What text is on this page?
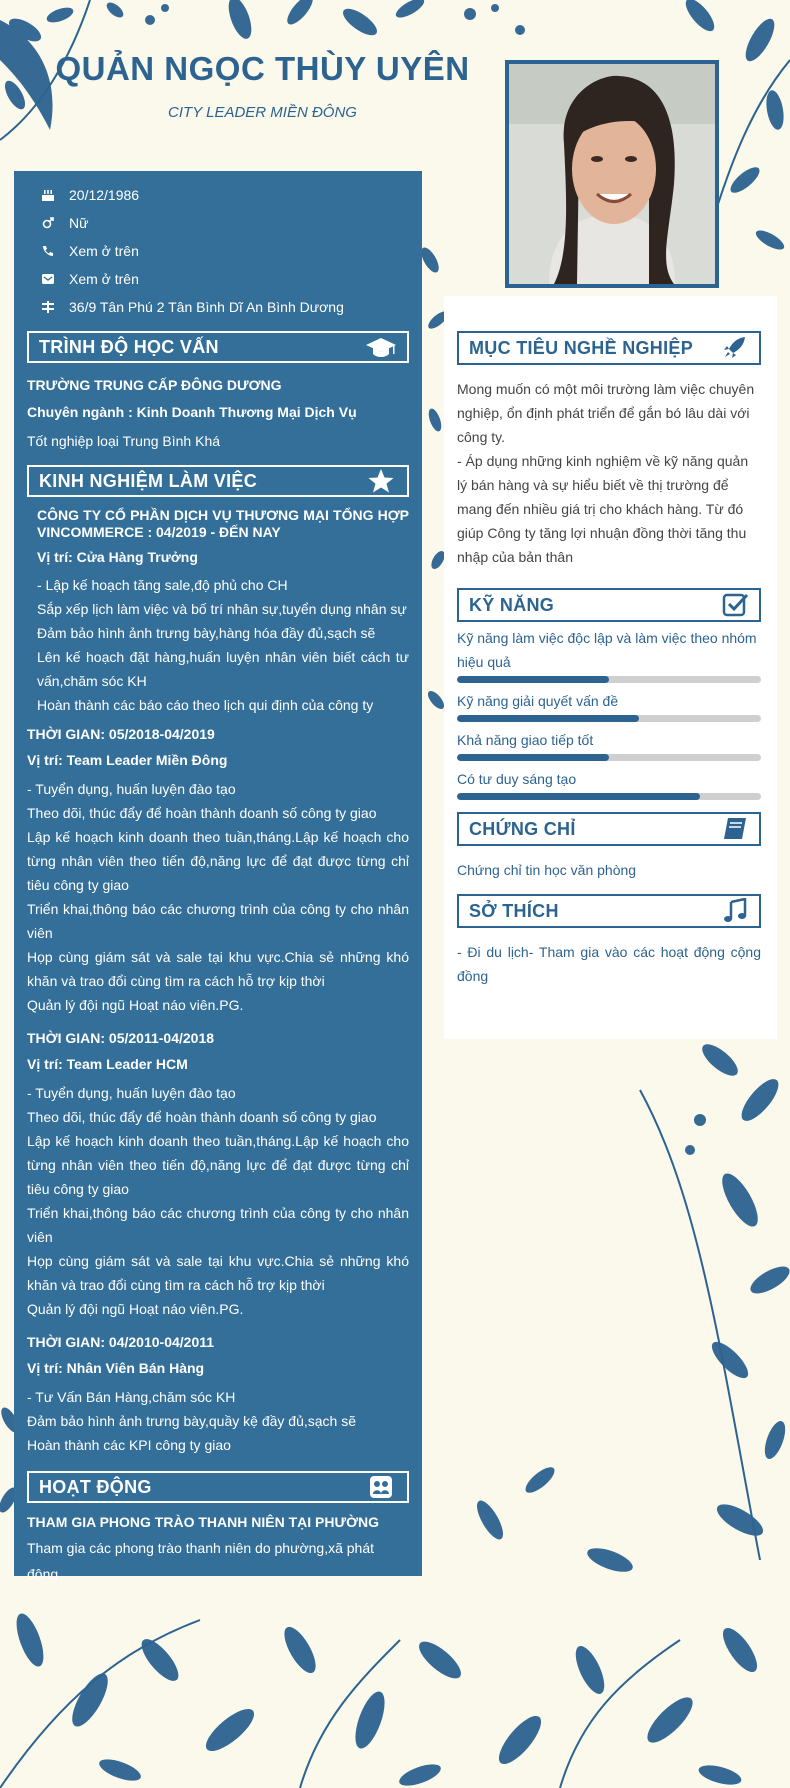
QUẢN NGỌC THÙY UYÊN
CITY LEADER MIỀN ĐÔNG
20/12/1986
Nữ
Xem ở trên
Xem ở trên
36/9 Tân Phú 2 Tân Bình Dĩ An Bình Dương
TRÌNH ĐỘ HỌC VẤN
TRƯỜNG TRUNG CẤP ĐÔNG DƯƠNG
Chuyên ngành : Kinh Doanh Thương Mại Dịch Vụ
Tốt nghiệp loại Trung Bình Khá
KINH NGHIỆM LÀM VIỆC
CÔNG TY CỔ PHẦN DỊCH VỤ THƯƠNG MẠI TỔNG HỢP VINCOMMERCE : 04/2019 - ĐẾN NAY
Vị trí: Cửa Hàng Trưởng
- Lập kế hoạch tăng sale,độ phủ cho CH
Sắp xếp lịch làm việc và bố trí nhân sự,tuyển dụng nhân sự
Đảm bảo hình ảnh trưng bày,hàng hóa đầy đủ,sạch sẽ
Lên kế hoạch đặt hàng,huấn luyện nhân viên biết cách tư vấn,chăm sóc KH
Hoàn thành các báo cáo theo lịch qui định của công ty
THỜI GIAN: 05/2018-04/2019
Vị trí: Team Leader Miền Đông
- Tuyển dụng, huấn luyện đào tạo
Theo dõi, thúc đẩy để hoàn thành doanh số công ty giao
Lập kế hoạch kinh doanh theo tuần,tháng.Lập kế hoạch cho từng nhân viên theo tiến độ,năng lực để đạt được từng chỉ tiêu công ty giao
Triển khai,thông báo các chương trình của công ty cho nhân viên
Họp cùng giám sát và sale tại khu vực.Chia sẻ những khó khăn và trao đổi cùng tìm ra cách hỗ trợ kịp thời
Quản lý đội ngũ Hoạt náo viên.PG.
THỜI GIAN: 05/2011-04/2018
Vị trí: Team Leader HCM
- Tuyển dụng, huấn luyện đào tạo
Theo dõi, thúc đẩy để hoàn thành doanh số công ty giao
Lập kế hoạch kinh doanh theo tuần,tháng.Lập kế hoạch cho từng nhân viên theo tiến độ,năng lực để đạt được từng chỉ tiêu công ty giao
Triển khai,thông báo các chương trình của công ty cho nhân viên
Họp cùng giám sát và sale tại khu vực.Chia sẻ những khó khăn và trao đổi cùng tìm ra cách hỗ trợ kịp thời
Quản lý đội ngũ Hoạt náo viên.PG.
THỜI GIAN: 04/2010-04/2011
Vị trí: Nhân Viên Bán Hàng
- Tư Vấn Bán Hàng,chăm sóc KH
Đảm bảo hình ảnh trưng bày,quầy kệ đầy đủ,sạch sẽ
Hoàn thành các KPI công ty giao
HOẠT ĐỘNG
THAM GIA PHONG TRÀO THANH NIÊN TẠI PHƯỜNG
Tham gia các phong trào thanh niên do phường,xã phát động
MỤC TIÊU NGHỀ NGHIỆP
Mong muốn có một môi trường làm việc chuyên nghiệp, ổn định phát triển để gắn bó lâu dài với công ty.
- Áp dụng những kinh nghiệm về kỹ năng quản lý bán hàng và sự hiểu biết về thị trường để mang đến nhiều giá trị cho khách hàng. Từ đó giúp Công ty tăng lợi nhuận đồng thời tăng thu nhập của bản thân
KỸ NĂNG
Kỹ năng làm việc độc lập và làm việc theo nhóm hiệu quả
Kỹ năng giải quyết vấn đề
Khả năng giao tiếp tốt
Có tư duy sáng tạo
CHỨNG CHỈ
Chứng chỉ tin học văn phòng
SỞ THÍCH
- Đi du lịch- Tham gia vào các hoạt động cộng đồng
